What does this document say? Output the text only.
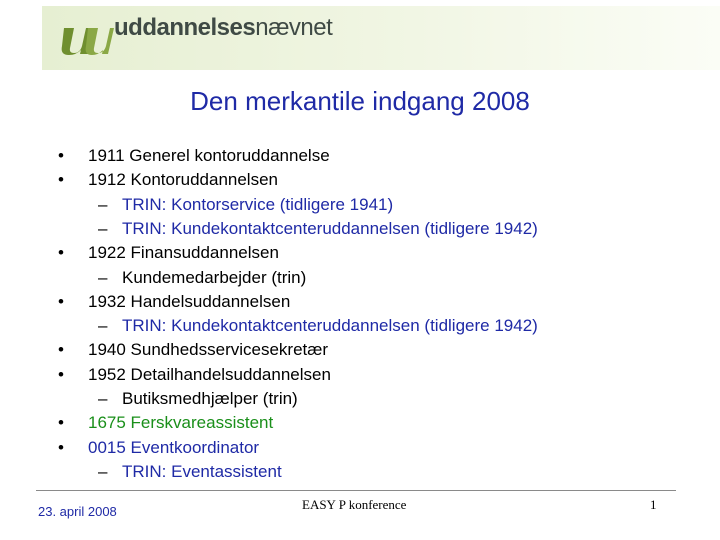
uddannelsesnævnet
Den merkantile indgang 2008
• 1911 Generel kontoruddannelse
• 1912 Kontoruddannelsen
– TRIN: Kontorservice (tidligere 1941)
– TRIN: Kundekontaktcenteruddannelsen (tidligere 1942)
• 1922 Finansuddannelsen
– Kundemedarbejder (trin)
• 1932 Handelsuddannelsen
– TRIN: Kundekontaktcenteruddannelsen (tidligere 1942)
• 1940 Sundhedsservicesekretær
• 1952 Detailhandelsuddannelsen
– Butiksmedhjælper (trin)
• 1675 Ferskvareassistent
• 0015 Eventkoordinator
– TRIN: Eventassistent
23. april 2008	EASY P konference	1
